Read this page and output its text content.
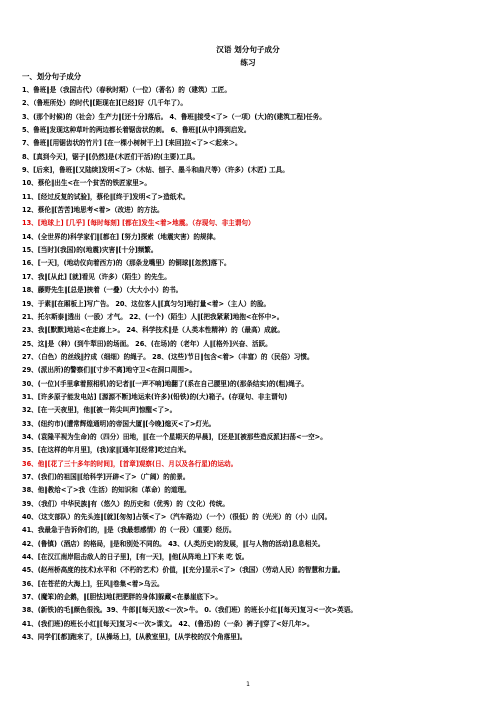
汉语 划分句子成分
练习
一、划分句子成分
1、鲁班‖是（我国古代）（春秋时期）（一位）（著名）的（建筑）工匠。
2、（鲁班所处）的时代‖[距现在][已经]好（几千年了）。
3、(那个时候)的（社会）生产力‖[还十分]落后。 4、鲁班‖接受<了>（一项）(大)的(建筑工程)任务。
5、鲁班‖发现这种草叶的两边都长着锯齿状的刺。 6、鲁班‖[从中]得到启发。
7、鲁班‖[用锯齿状的竹片] [在一棵小树树干上] [来回]拉<了>＜起来＞。
8、[真到今天]，锯子‖[仍然]是(木匠们干活)的(主要)工具。
9、[后来]，鲁班‖[又陆续]发明<了>（木钻、刨子、墨斗和曲尺等）（许多）(木匠) 工具。
10、蔡伦‖出生<在一个贫苦的铁匠家里>。
11、[经过反复的试验]，蔡伦‖[终于]发明<了>造纸术。
12、蔡伦‖[苦苦]地思考<着>（改进）的方法。
13、[地球上] [几乎] [每时每刻] [都在]发生<着>地震。（存现句、非主谓句）
14、(全世界的)科学家们‖[都在] [努力]探索（地震灾害）的规律。
15、[当时](我国)的(地震)灾害‖[十分]频繁。
16、[一天]，(地动仪向着西方)的（那条龙嘴里）的铜球‖[忽然]落下。
17、我‖[从此] [就]看见（许多）（陌生）的先生。
18、藤野先生‖[总是]挟着（一叠）（大大小小）的书。
19、于素‖[在厢板上]写广告。 20、这位客人‖[真匀匀]地打量<着>（主人）的脸。
21、托尔斯泰‖透出（一股）才气。 22、(一个)（陌生）人‖[把我紧紧]地抱<在怀中>。
23、我‖[默默]地站<在走廊上>。 24、科学技术‖是（人类本性精神）的（最高）成就。
25、这‖是（种）(到牛犁田)的场面。 26、(在场)的（老年）人‖[格外]兴奋、活跃。
27、（白色）的丝线‖拧成（细细）的绳子。 28、(这些)节日‖包含<着>（丰富）的（民俗）习惯。
29、(派出所)的警察们‖[寸步不离]地守卫<在洞口周围>。
30、(一位)(手里拿着照相机)的记者‖[一声不响]地翻了(系在自己腰里)的(那条结实)的(粗)绳子。
31、[许多原子能发电站] [源源不断]地运来(许多)(铅铁)的(大)箱子。(存现句、非主谓句)
32、[在一天夜里]，他‖[被一阵尖叫声]惊醒<了>。
33、(纽约市)(遭常辉煌通明)的帝国大厦‖[今晚]熄灭<了>灯光。
34、(袁隆平视为生命)的（四分）田地，‖[在一个星期天的早晨]，[还是][被那些造反派]扫荡<一空>。
35、[在这样的年月里]，(我)家‖[通年][经常]吃过白米。
36、他‖[花了三十多年的时间]，[首章]观察(日、月以及各行星)的运动。
37、(我们)的祖国‖[给科学]开辟<了>（广阔）的前景。
38、他‖教给<了>我（生活）的知识和（革命）的道理。
39、（我们）中华民族‖有（悠久）的历史和（优秀）的（文化）传统。
40、（这支部队）的先头连‖[就][匆匆]占领<了>（汽车路边）（一个）（很低）的（光光）的（小）山冈。
41、我最急于告诉你们的，‖是（我最想感情）的（一段）（重要）经历。
42、(鲁镇)（酒店）的格局，‖是和别处不同的。 43、(人类历史)的发展，‖[与人物的活动]息息相关。
44、[在汉江南岸阻击敌人的日子里]，[有一天]，‖他[从阵地上]下来 吃 饭。
45、(赵州桥高度的技术)水平和（不朽的艺术）价值，‖[充分]显示<了>（我国）（劳动人民）的智慧和力量。
36、[在苍茫的大海上]，狂风‖卷集<着>乌云。
37、(魔笨)的企鹅，‖[胆怯]地[把肥胖的身体]躲藏<在暴崖底下>。
38、(新铁)的毛‖颜色很浅。39、牛郎‖[每天]放<一次>牛。 0.（我们班）的班长小红‖[每天]复习<一次>英语。
41、(我们班)的班长小红‖[每天]复习<一次>课文。 42、(鲁迅)的（一条）裤子‖穿了<好几年>。
43、同学们[都]跑来了，[从操场上]，[从教室里]，[从学校的汉个角落里]。
1
